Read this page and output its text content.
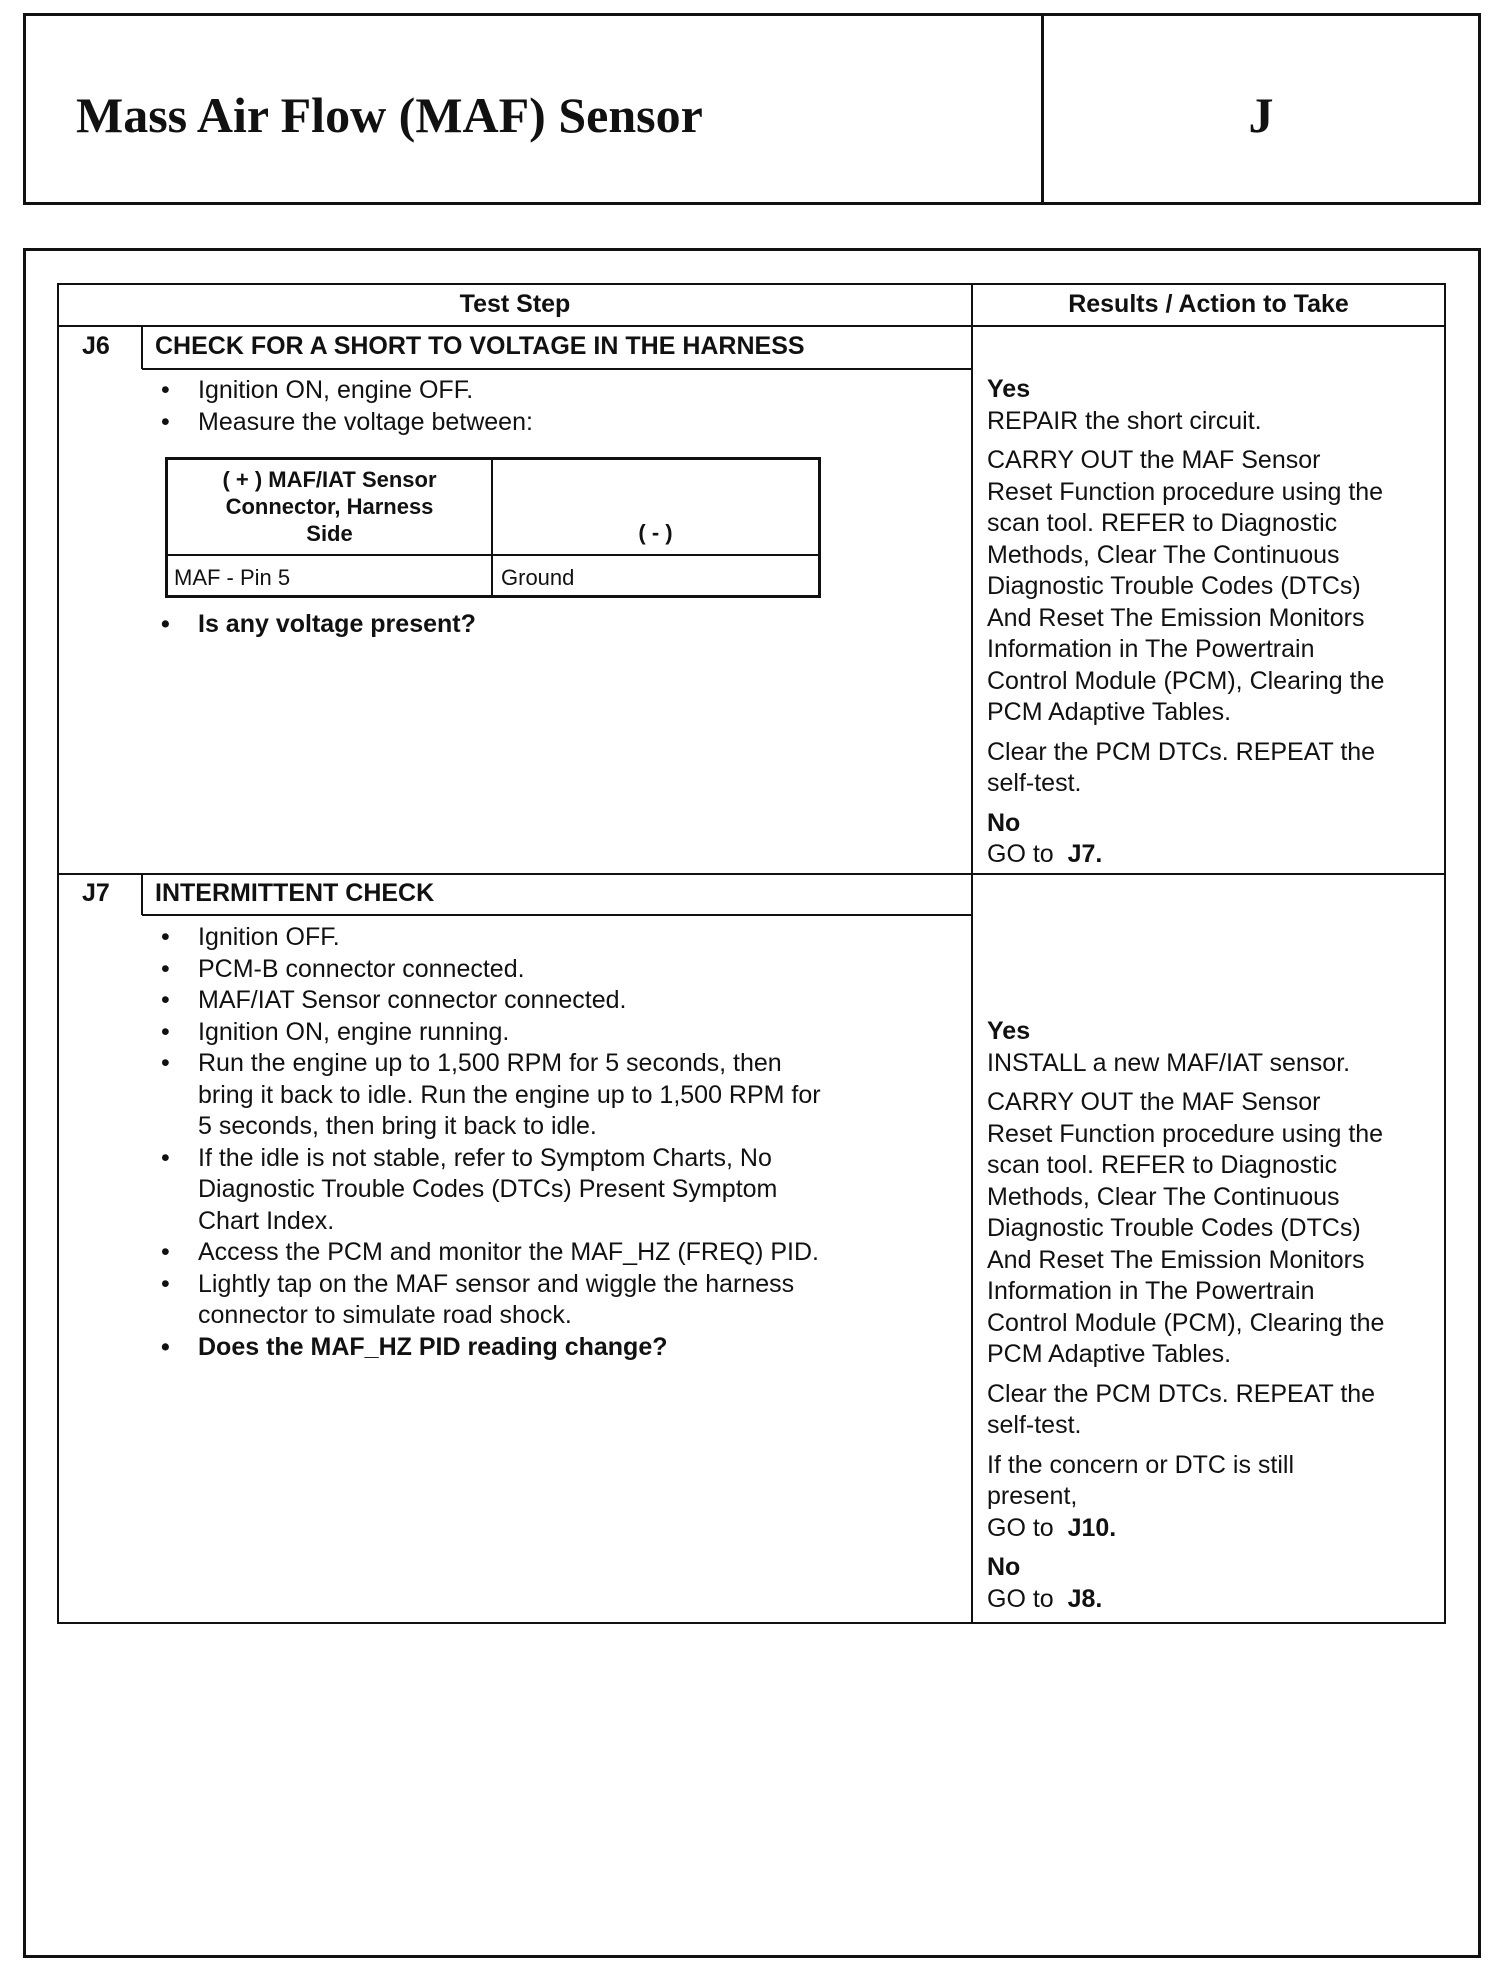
Mass Air Flow (MAF) Sensor	J
Test Step	Results / Action to Take
J6 CHECK FOR A SHORT TO VOLTAGE IN THE HARNESS
• Ignition ON, engine OFF.
• Measure the voltage between:
( + ) MAF/IAT Sensor
Connector, Harness
Side	( - )
MAF - Pin 5	Ground
• Is any voltage present?
Yes

REPAIR the short circuit.

CARRY OUT the MAF Sensor
Reset Function procedure using the
scan tool. REFER to Diagnostic
Methods, Clear The Continuous
Diagnostic Trouble Codes (DTCs)
And Reset The Emission Monitors
Information in The Powertrain
Control Module (PCM), Clearing the
PCM Adaptive Tables.

Clear the PCM DTCs. REPEAT the
self-test.

No
GO to J7.
J7 INTERMITTENT CHECK
• Ignition OFF.
• PCM-B connector connected.
• MAF/IAT Sensor connector connected.
• Ignition ON, engine running.
• Run the engine up to 1,500 RPM for 5 seconds, then
bring it back to idle. Run the engine up to 1,500 RPM for
5 seconds, then bring it back to idle.
• If the idle is not stable, refer to Symptom Charts, No
Diagnostic Trouble Codes (DTCs) Present Symptom
Chart Index.
• Access the PCM and monitor the MAF_HZ (FREQ) PID.
• Lightly tap on the MAF sensor and wiggle the harness
connector to simulate road shock.
• Does the MAF_HZ PID reading change?
Yes

INSTALL a new MAF/IAT sensor.

CARRY OUT the MAF Sensor
Reset Function procedure using the
scan tool. REFER to Diagnostic
Methods, Clear The Continuous
Diagnostic Trouble Codes (DTCs)
And Reset The Emission Monitors
Information in The Powertrain
Control Module (PCM), Clearing the
PCM Adaptive Tables.

Clear the PCM DTCs. REPEAT the
self-test.

If the concern or DTC is still
present,

GO to J10.

No
GO to J8.
